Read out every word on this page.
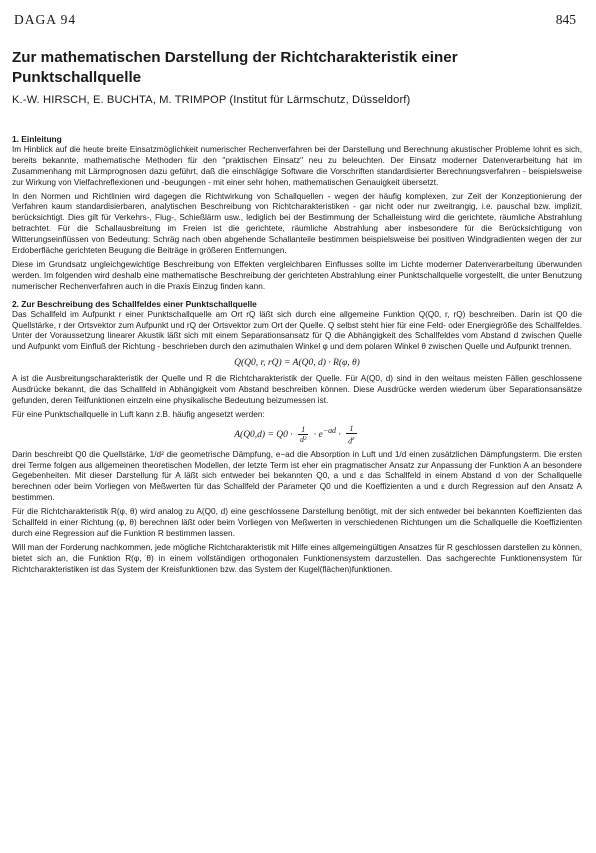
DAGA 94	845
Zur mathematischen Darstellung der Richtcharakteristik einer Punktschallquelle
K.-W. HIRSCH, E. BUCHTA, M. TRIMPOP (Institut für Lärmschutz, Düsseldorf)
1. Einleitung

Im Hinblick auf die heute breite Einsatzmöglichkeit numerischer Rechenverfahren bei der Darstellung und Berechnung akustischer Probleme lohnt es sich, bereits bekannte, mathematische Methoden für den "praktischen Einsatz" neu zu beleuchten. Der Einsatz moderner Datenverarbeitung hat im Zusammenhang mit Lärmprognosen dazu geführt, daß die einschlägige Software die Vorschriften standardisierter Berechnungsverfahren - beispielsweise zur Wirkung von Vielfachreflexionen und -beugungen - mit einer sehr hohen, mathematischen Genauigkeit übersetzt.

In den Normen und Richtlinien wird dagegen die Richtwirkung von Schallquellen - wegen der häufig komplexen, zur Zeit der Konzeptionierung der Verfahren kaum standardisierbaren, analytischen Beschreibung von Richtcharakteristiken - gar nicht oder nur zweitrangig, i.e. pauschal bzw. implizit, berücksichtigt. Dies gilt für Verkehrs-, Flug-, Schießlärm usw., lediglich bei der Bestimmung der Schalleistung wird die gerichtete, räumliche Abstrahlung betrachtet. Für die Schallausbreitung im Freien ist die gerichtete, räumliche Abstrahlung aber insbesondere für die Berücksichtigung von Witterungseinflüssen von Bedeutung: Schräg nach oben abgehende Schallanteile bestimmen beispielsweise bei positiven Windgradienten wegen der zur Erdoberfläche gerichteten Beugung die Beiträge in größeren Entfernungen.

Diese im Grundsatz ungleichgewichtige Beschreibung von Effekten vergleichbaren Einflusses sollte im Lichte moderner Datenverarbeitung überwunden werden. Im folgenden wird deshalb eine mathematische Beschreibung der gerichteten Abstrahlung einer Punktschallquelle vorgestellt, die unter Benutzung numerischer Rechenverfahren auch in die Praxis Einzug finden kann.

2. Zur Beschreibung des Schallfeldes einer Punktschallquelle

Das Schallfeld im Aufpunkt r einer Punktschallquelle am Ort rQ läßt sich durch eine allgemeine Funktion Q(Q0, r, rQ) beschreiben. Darin ist Q0 die Quellstärke, r der Ortsvektor zum Aufpunkt und rQ der Ortsvektor zum Ort der Quelle. Q selbst steht hier für eine Feld- oder Energiegröße des Schallfeldes. Unter der Voraussetzung linearer Akustik läßt sich mit einem Separationsansatz für Q die Abhängigkeit des Schallfeldes vom Abstand d zwischen Quelle und Aufpunkt vom Einfluß der Richtung - beschrieben durch den azimuthalen Winkel φ und dem polaren Winkel θ zwischen Quelle und Aufpunkt trennen.

Q(Q0, r, rQ) = A(Q0, d) · R(φ, θ)

A ist die Ausbreitungscharakteristik der Quelle und R die Richtcharakteristik der Quelle. Für A(Q0, d) sind in den weitaus meisten Fällen geschlossene Ausdrücke bekannt, die das Schallfeld in Abhängigkeit vom Abstand beschreiben können. Diese Ausdrücke werden wiederum über Separationsansätze gefunden, deren Teilfunktionen einzeln eine physikalische Bedeutung beizumessen ist.

Für eine Punktschallquelle in Luft kann z.B. häufig angesetzt werden:

$A(Q0,d) = Q0 \cdot \frac{1}{\text{d²}} \cdot e^{-ad} \cdot \frac{1}{d^\varepsilon}$

Darin beschreibt Q0 die Quellstärke, 1/d² die geometrische Dämpfung, e−ad die Absorption in Luft und 1/d einen zusätzlichen Dämpfungsterm. Die ersten drei Terme folgen aus allgemeinen theoretischen Modellen, der letzte Term ist eher ein pragmatischer Ansatz zur Anpassung der Funktion A an besondere Gegebenheiten. Mit dieser Darstellung für A läßt sich entweder bei bekannten Q0, a und ε das Schallfeld in einem Abstand d von der Schallquelle berechnen oder beim Vorliegen von Meßwerten für das Schallfeld der Parameter Q0 und die Koeffizienten a und ε durch Regression auf den Ansatz A bestimmen.

Für die Richtcharakteristik R(φ, θ) wird analog zu A(Q0, d) eine geschlossene Darstellung benötigt, mit der sich entweder bei bekannten Koeffizienten das Schallfeld in einer Richtung (φ, θ) berechnen läßt oder beim Vorliegen von Meßwerten in verschiedenen Richtungen um die Schallquelle die Koeffizienten durch eine Regression auf die Funktion R bestimmen lassen.

Will man der Forderung nachkommen, jede mögliche Richtcharakteristik mit Hilfe eines allgemeingültigen Ansatzes für R geschlossen darstellen zu können, bietet sich an, die Funktion R(φ, θ) in einem vollständigen orthogonalen Funktionensystem darzustellen. Das sachgerechte Funktionensystem für Richtcharakteristiken ist das System der Kreisfunktionen bzw. das System der Kugel(flächen)funktionen.
